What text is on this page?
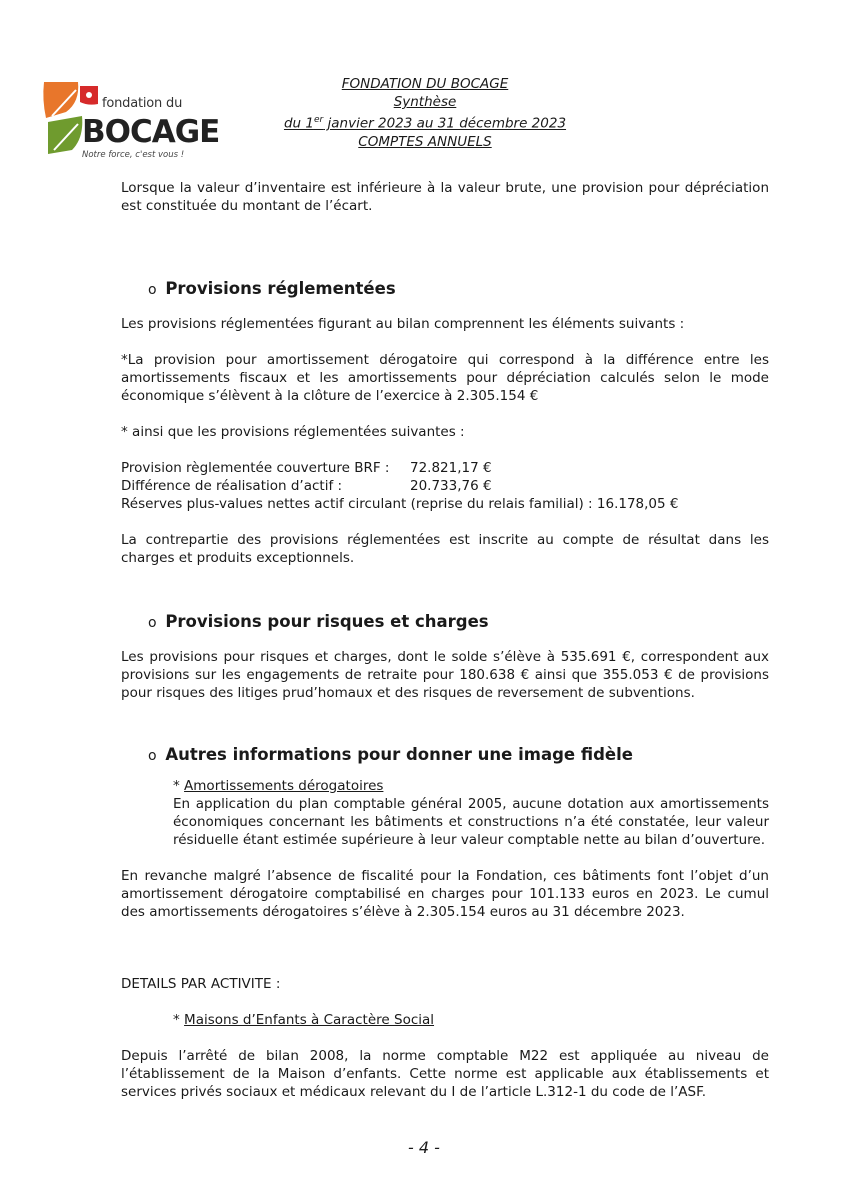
fondation du
BOCAGE
Notre force, c'est vous !
FONDATION DU BOCAGE
Synthèse
du 1er janvier 2023 au 31 décembre 2023
COMPTES ANNUELS

Lorsque la valeur d’inventaire est inférieure à la valeur brute, une provision pour dépréciation est constituée du montant de l’écart.

o Provisions réglementées

Les provisions réglementées figurant au bilan comprennent les éléments suivants :

*La provision pour amortissement dérogatoire qui correspond à la différence entre les amortissements fiscaux et les amortissements pour dépréciation calculés selon le mode économique s’élèvent à la clôture de l’exercice à 2.305.154 €

* ainsi que les provisions réglementées suivantes :

Provision règlementée couverture BRF :	72.821,17 €
Différence de réalisation d’actif :	20.733,76 €

Réserves plus-values nettes actif circulant (reprise du relais familial) : 16.178,05 €

La contrepartie des provisions réglementées est inscrite au compte de résultat dans les charges et produits exceptionnels.

o Provisions pour risques et charges

Les provisions pour risques et charges, dont le solde s’élève à 535.691 €, correspondent aux provisions sur les engagements de retraite pour 180.638 € ainsi que 355.053 € de provisions pour risques des litiges prud’homaux et des risques de reversement de subventions.

o Autres informations pour donner une image fidèle

* Amortissements dérogatoires

En application du plan comptable général 2005, aucune dotation aux amortissements économiques concernant les bâtiments et constructions n’a été constatée, leur valeur résiduelle étant estimée supérieure à leur valeur comptable nette au bilan d’ouverture.

En revanche malgré l’absence de fiscalité pour la Fondation, ces bâtiments font l’objet d’un amortissement dérogatoire comptabilisé en charges pour 101.133 euros en 2023. Le cumul des amortissements dérogatoires s’élève à 2.305.154 euros au 31 décembre 2023.

DETAILS PAR ACTIVITE :

* Maisons d’Enfants à Caractère Social

Depuis l’arrêté de bilan 2008, la norme comptable M22 est appliquée au niveau de l’établissement de la Maison d’enfants. Cette norme est applicable aux établissements et services privés sociaux et médicaux relevant du I de l’article L.312-1 du code de l’ASF.

- 4 -
